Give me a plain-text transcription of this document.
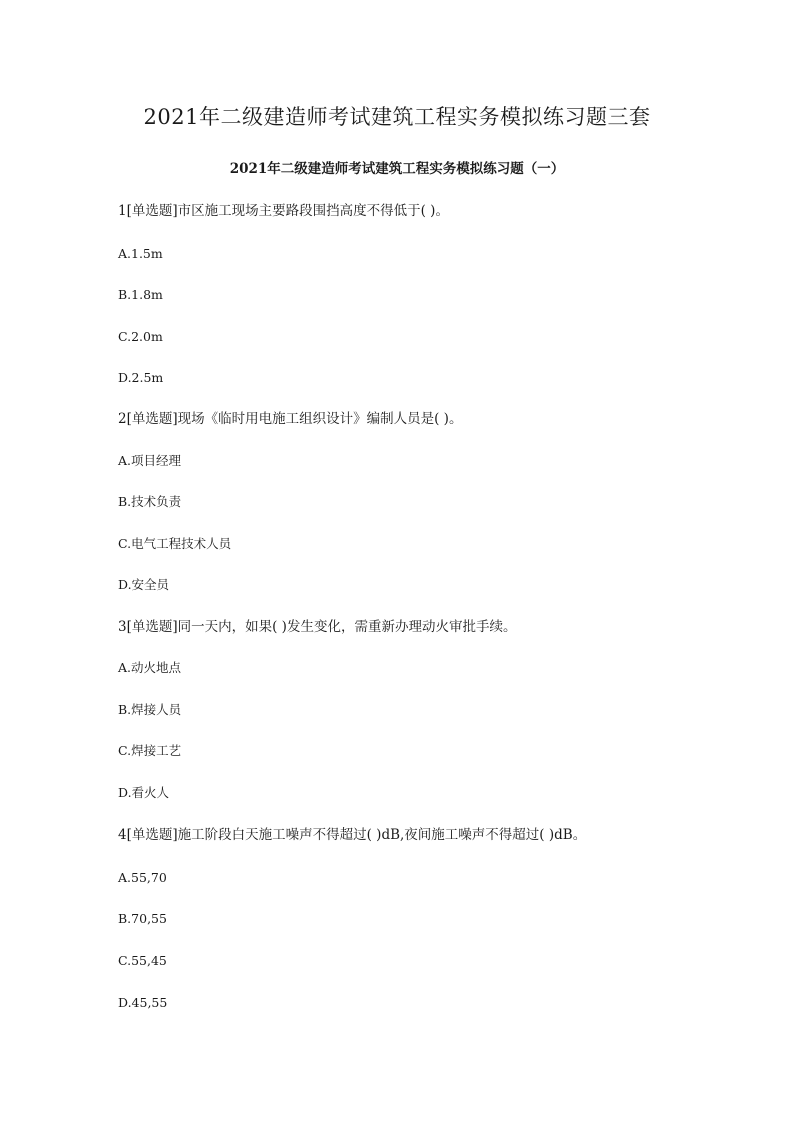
2021年二级建造师考试建筑工程实务模拟练习题三套
2021年二级建造师考试建筑工程实务模拟练习题（一）
1[单选题]市区施工现场主要路段围挡高度不得低于( )。
A.1.5m
B.1.8m
C.2.0m
D.2.5m
2[单选题]现场《临时用电施工组织设计》编制人员是( )。
A.项目经理
B.技术负责
C.电气工程技术人员
D.安全员
3[单选题]同一天内，如果( )发生变化，需重新办理动火审批手续。
A.动火地点
B.焊接人员
C.焊接工艺
D.看火人
4[单选题]施工阶段白天施工噪声不得超过( )dB,夜间施工噪声不得超过( )dB。
A.55,70
B.70,55
C.55,45
D.45,55
